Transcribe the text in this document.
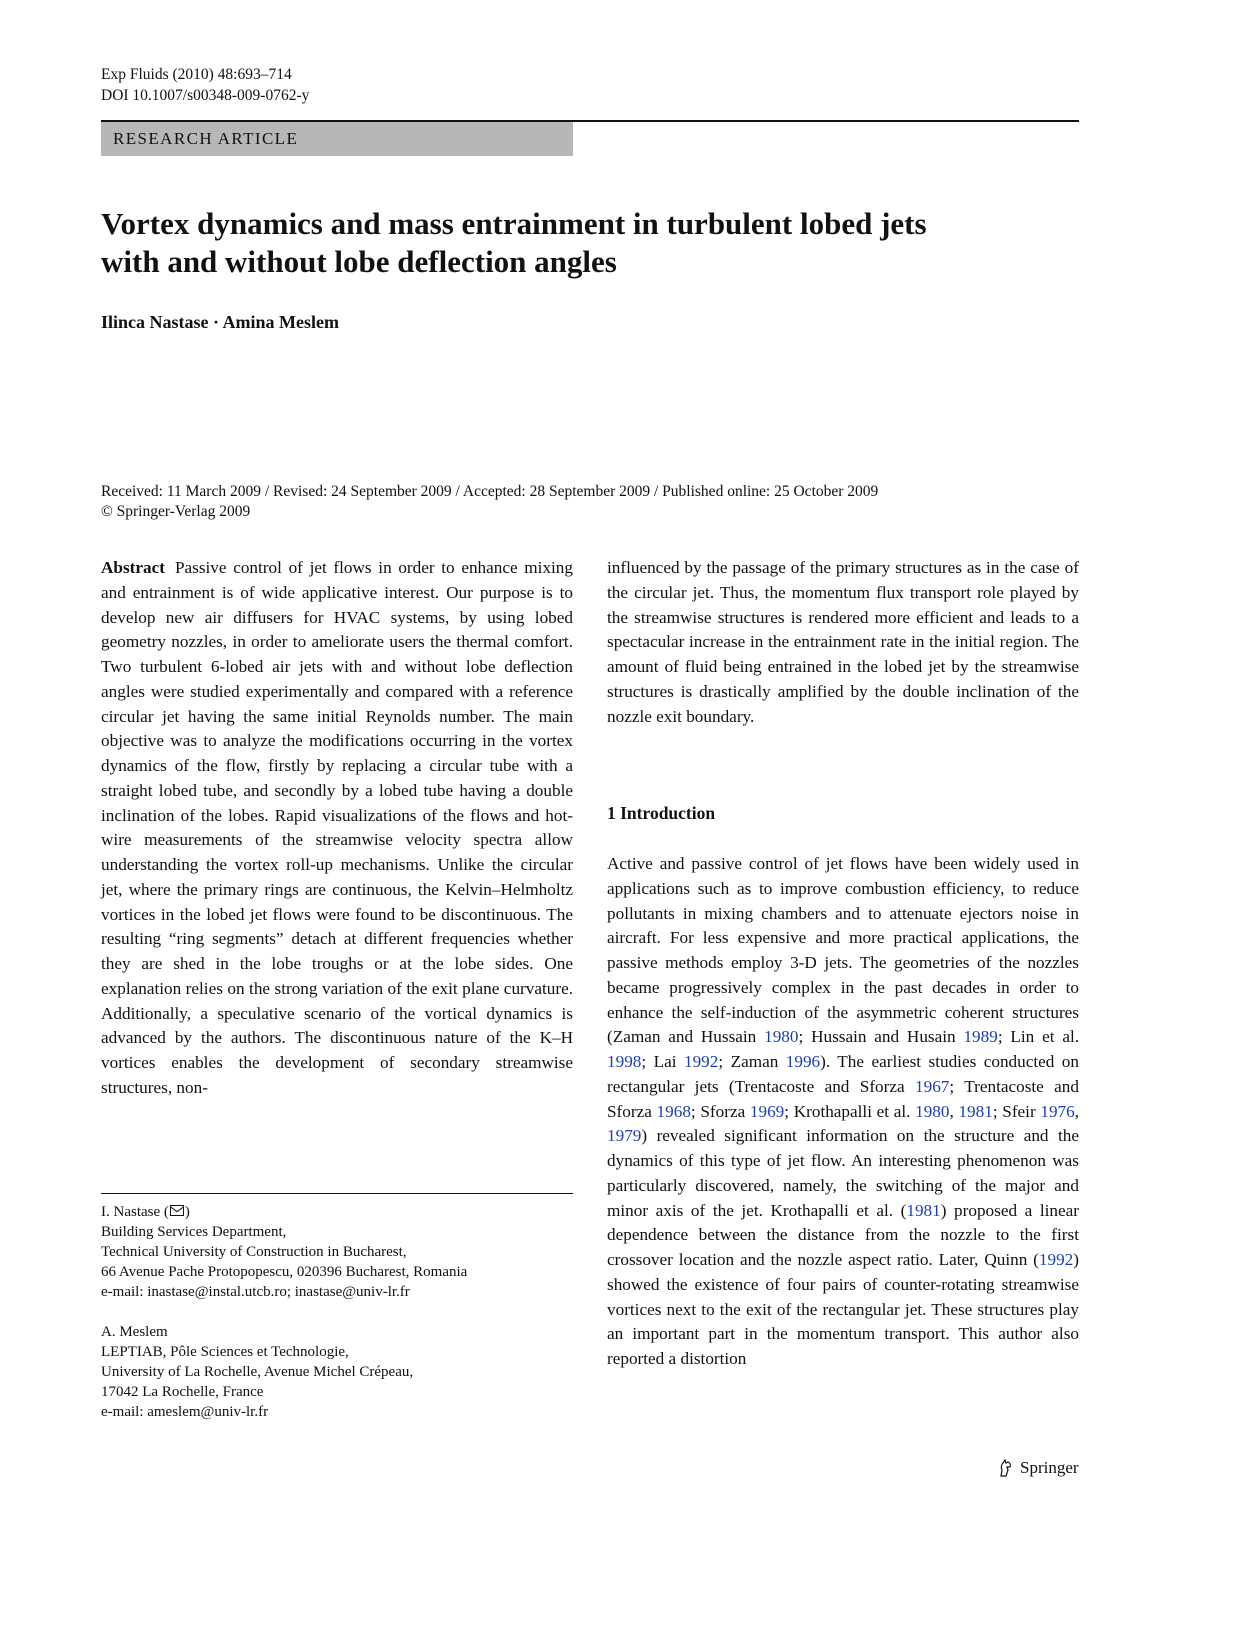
Exp Fluids (2010) 48:693–714
DOI 10.1007/s00348-009-0762-y
RESEARCH ARTICLE
Vortex dynamics and mass entrainment in turbulent lobed jets
with and without lobe deflection angles
Ilinca Nastase · Amina Meslem
Received: 11 March 2009 / Revised: 24 September 2009 / Accepted: 28 September 2009 / Published online: 25 October 2009
© Springer-Verlag 2009

Abstract Passive control of jet flows in order to enhance mixing and entrainment is of wide applicative interest. Our purpose is to develop new air diffusers for HVAC systems, by using lobed geometry nozzles, in order to ameliorate users the thermal comfort. Two turbulent 6-lobed air jets with and without lobe deflection angles were studied experimentally and compared with a reference circular jet having the same initial Reynolds number. The main objective was to analyze the modifications occurring in the vortex dynamics of the flow, firstly by replacing a circular tube with a straight lobed tube, and secondly by a lobed tube having a double inclination of the lobes. Rapid visualizations of the flows and hot-wire measurements of the streamwise velocity spectra allow understanding the vortex roll-up mechanisms. Unlike the circular jet, where the primary rings are continuous, the Kelvin–Helmholtz vortices in the lobed jet flows were found to be discontinuous. The resulting “ring segments” detach at different frequencies whether they are shed in the lobe troughs or at the lobe sides. One explanation relies on the strong variation of the exit plane curvature. Additionally, a speculative scenario of the vortical dynamics is advanced by the authors. The discontinuous nature of the K–H vortices enables the development of secondary streamwise structures, non-

influenced by the passage of the primary structures as in the case of the circular jet. Thus, the momentum flux transport role played by the streamwise structures is rendered more efficient and leads to a spectacular increase in the entrainment rate in the initial region. The amount of fluid being entrained in the lobed jet by the streamwise structures is drastically amplified by the double inclination of the nozzle exit boundary.

1 Introduction

Active and passive control of jet flows have been widely used in applications such as to improve combustion efficiency, to reduce pollutants in mixing chambers and to attenuate ejectors noise in aircraft. For less expensive and more practical applications, the passive methods employ 3-D jets. The geometries of the nozzles became progressively complex in the past decades in order to enhance the self-induction of the asymmetric coherent structures (Zaman and Hussain 1980; Hussain and Husain 1989; Lin et al. 1998; Lai 1992; Zaman 1996). The earliest studies conducted on rectangular jets (Trentacoste and Sforza 1967; Trentacoste and Sforza 1968; Sforza 1969; Krothapalli et al. 1980, 1981; Sfeir 1976, 1979) revealed significant information on the structure and the dynamics of this type of jet flow. An interesting phenomenon was particularly discovered, namely, the switching of the major and minor axis of the jet. Krothapalli et al. (1981) proposed a linear dependence between the distance from the nozzle to the first crossover location and the nozzle aspect ratio. Later, Quinn (1992) showed the existence of four pairs of counter-rotating streamwise vortices next to the exit of the rectangular jet. These structures play an important part in the momentum transport. This author also reported a distortion

I. Nastase ( )
Building Services Department,
Technical University of Construction in Bucharest,
66 Avenue Pache Protopopescu, 020396 Bucharest, Romania
e-mail: inastase@instal.utcb.ro; inastase@univ-lr.fr
A. Meslem
LEPTIAB, Pôle Sciences et Technologie,
University of La Rochelle, Avenue Michel Crépeau,
17042 La Rochelle, France
e-mail: ameslem@univ-lr.fr
Springer
